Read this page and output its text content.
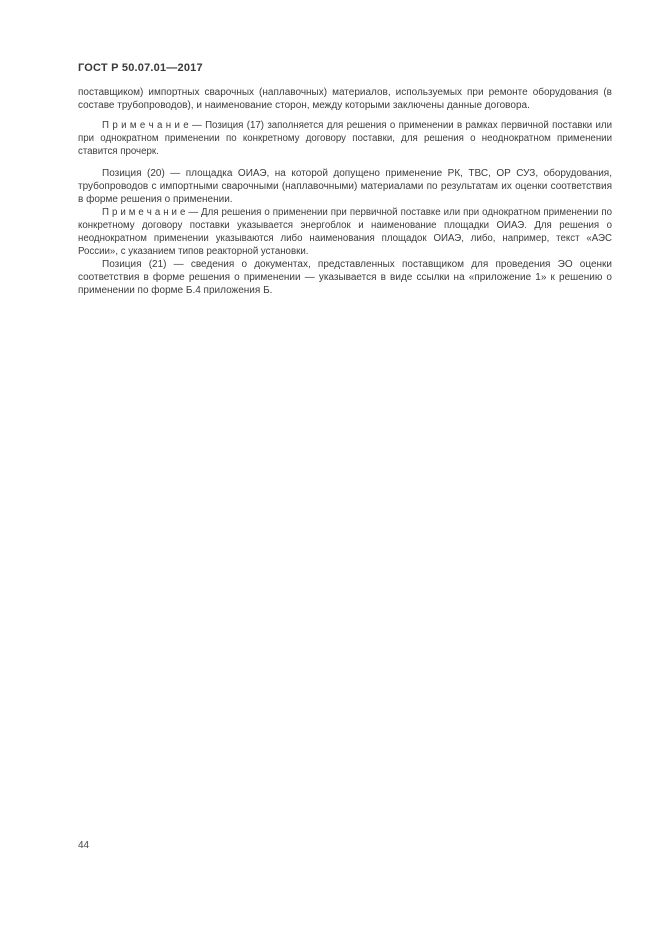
ГОСТ Р 50.07.01—2017

поставщиком) импортных сварочных (наплавочных) материалов, используемых при ремонте оборудования (в составе трубопроводов), и наименование сторон, между которыми заключены данные договора.

П р и м е ч а н и е — Позиция (17) заполняется для решения о применении в рамках первичной поставки или при однократном применении по конкретному договору поставки, для решения о неоднократном применении ставится прочерк.

Позиция (20) — площадка ОИАЭ, на которой допущено применение РК, ТВС, ОР СУЗ, оборудования, трубопроводов с импортными сварочными (наплавочными) материалами по результатам их оценки соответствия в форме решения о применении.

П р и м е ч а н и е — Для решения о применении при первичной поставке или при однократном применении по конкретному договору поставки указывается энергоблок и наименование площадки ОИАЭ. Для решения о неоднократном применении указываются либо наименования площадок ОИАЭ, либо, например, текст «АЭС России», с указанием типов реакторной установки.

Позиция (21) — сведения о документах, представленных поставщиком для проведения ЭО оценки соответствия в форме решения о применении — указывается в виде ссылки на «приложение 1» к решению о применении по форме Б.4 приложения Б.

44
